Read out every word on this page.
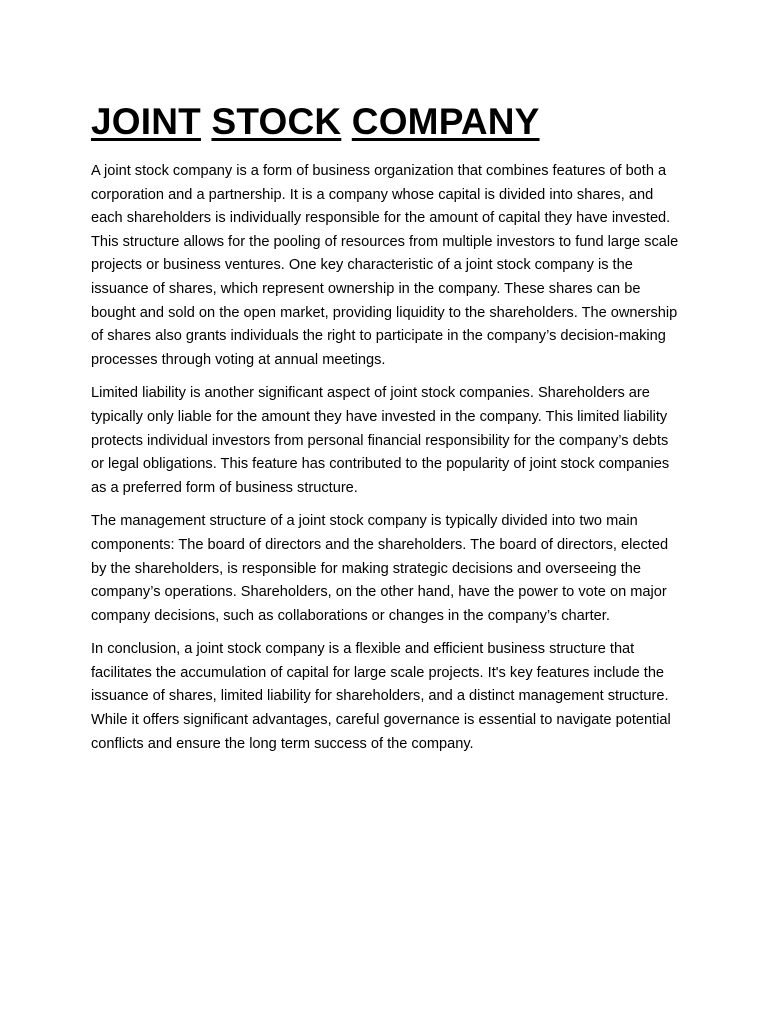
JOINT STOCK COMPANY

A joint stock company is a form of business organization that combines features of both a corporation and a partnership. It is a company whose capital is divided into shares, and each shareholders is individually responsible for the amount of capital they have invested. This structure allows for the pooling of resources from multiple investors to fund large scale projects or business ventures. One key characteristic of a joint stock company is the issuance of shares, which represent ownership in the company. These shares can be bought and sold on the open market, providing liquidity to the shareholders. The ownership of shares also grants individuals the right to participate in the company’s decision-making processes through voting at annual meetings.

Limited liability is another significant aspect of joint stock companies. Shareholders are typically only liable for the amount they have invested in the company. This limited liability protects individual investors from personal financial responsibility for the company’s debts or legal obligations. This feature has contributed to the popularity of joint stock companies as a preferred form of business structure.

The management structure of a joint stock company is typically divided into two main components: The board of directors and the shareholders. The board of directors, elected by the shareholders, is responsible for making strategic decisions and overseeing the company’s operations. Shareholders, on the other hand, have the power to vote on major company decisions, such as collaborations or changes in the company’s charter.

In conclusion, a joint stock company is a flexible and efficient business structure that facilitates the accumulation of capital for large scale projects. It's key features include the issuance of shares, limited liability for shareholders, and a distinct management structure. While it offers significant advantages, careful governance is essential to navigate potential conflicts and ensure the long term success of the company.
